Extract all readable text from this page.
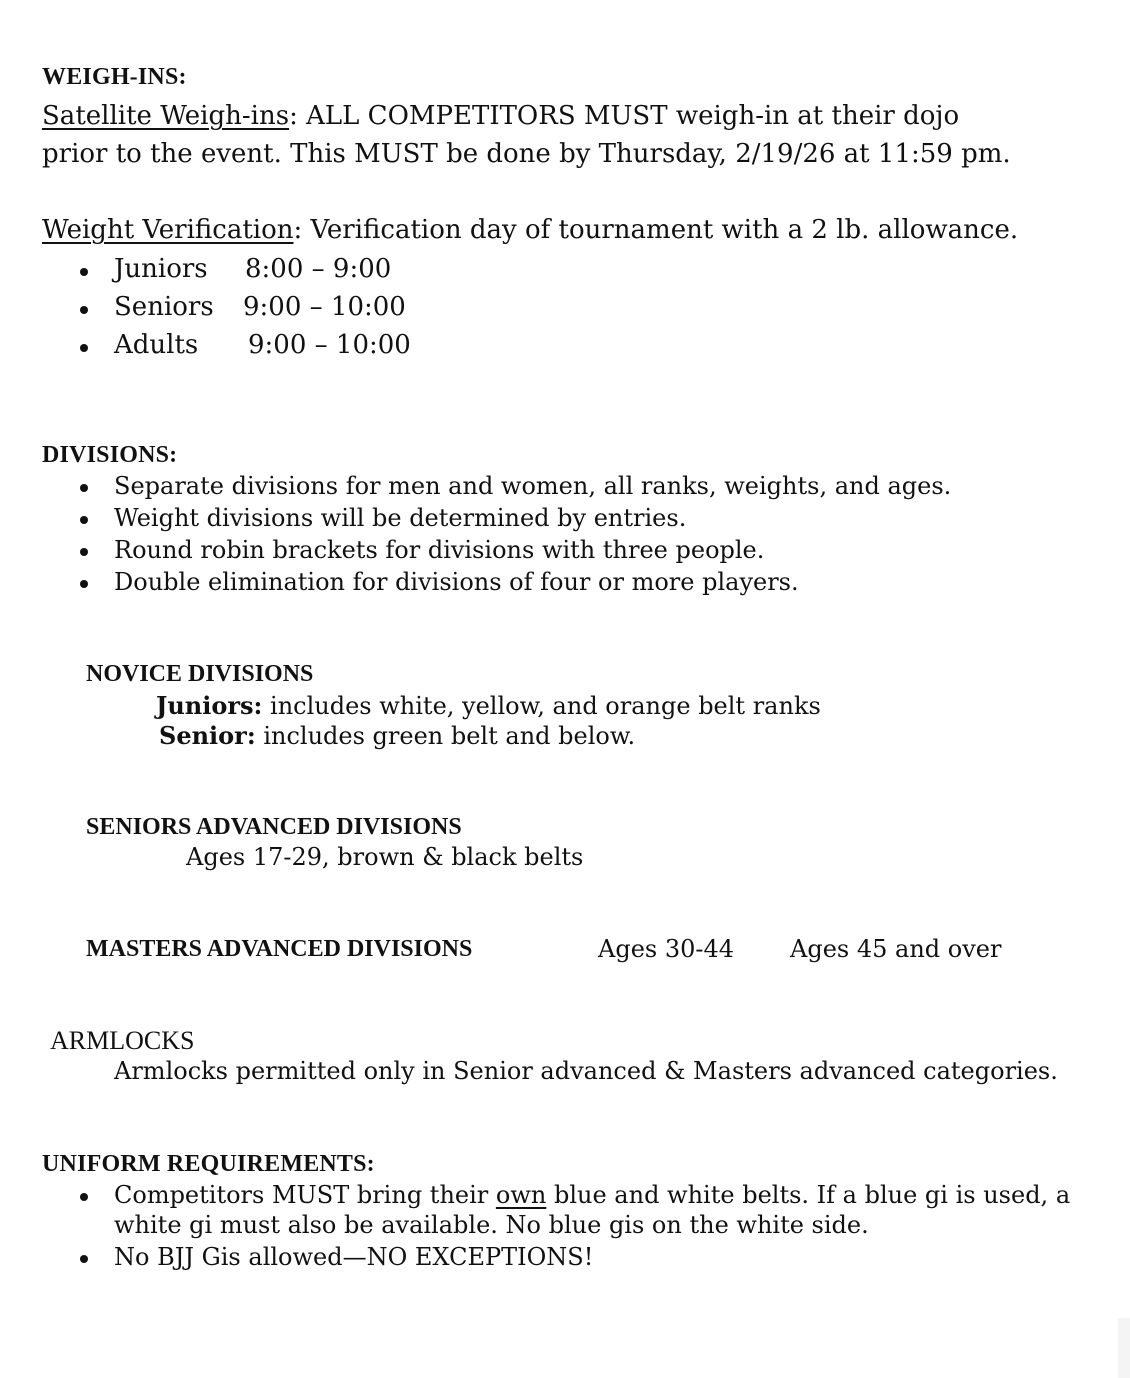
WEIGH-INS:
Satellite Weigh-ins: ALL COMPETITORS MUST weigh-in at their dojo
prior to the event. This MUST be done by Thursday, 2/19/26 at 11:59 pm.
Weight Verification: Verification day of tournament with a 2 lb. allowance.
Juniors 8:00 – 9:00
Seniors 9:00 – 10:00
Adults 9:00 – 10:00
DIVISIONS:
Separate divisions for men and women, all ranks, weights, and ages.
Weight divisions will be determined by entries.
Round robin brackets for divisions with three people.
Double elimination for divisions of four or more players.
NOVICE DIVISIONS
Juniors: includes white, yellow, and orange belt ranks
Senior: includes green belt and below.
SENIORS ADVANCED DIVISIONS
Ages 17-29, brown & black belts
MASTERS ADVANCED DIVISIONS	Ages 30-44 Ages 45 and over
ARMLOCKS
Armlocks permitted only in Senior advanced & Masters advanced categories.
UNIFORM REQUIREMENTS:
Competitors MUST bring their own blue and white belts. If a blue gi is used, a
white gi must also be available. No blue gis on the white side.
No BJJ Gis allowed—NO EXCEPTIONS!
